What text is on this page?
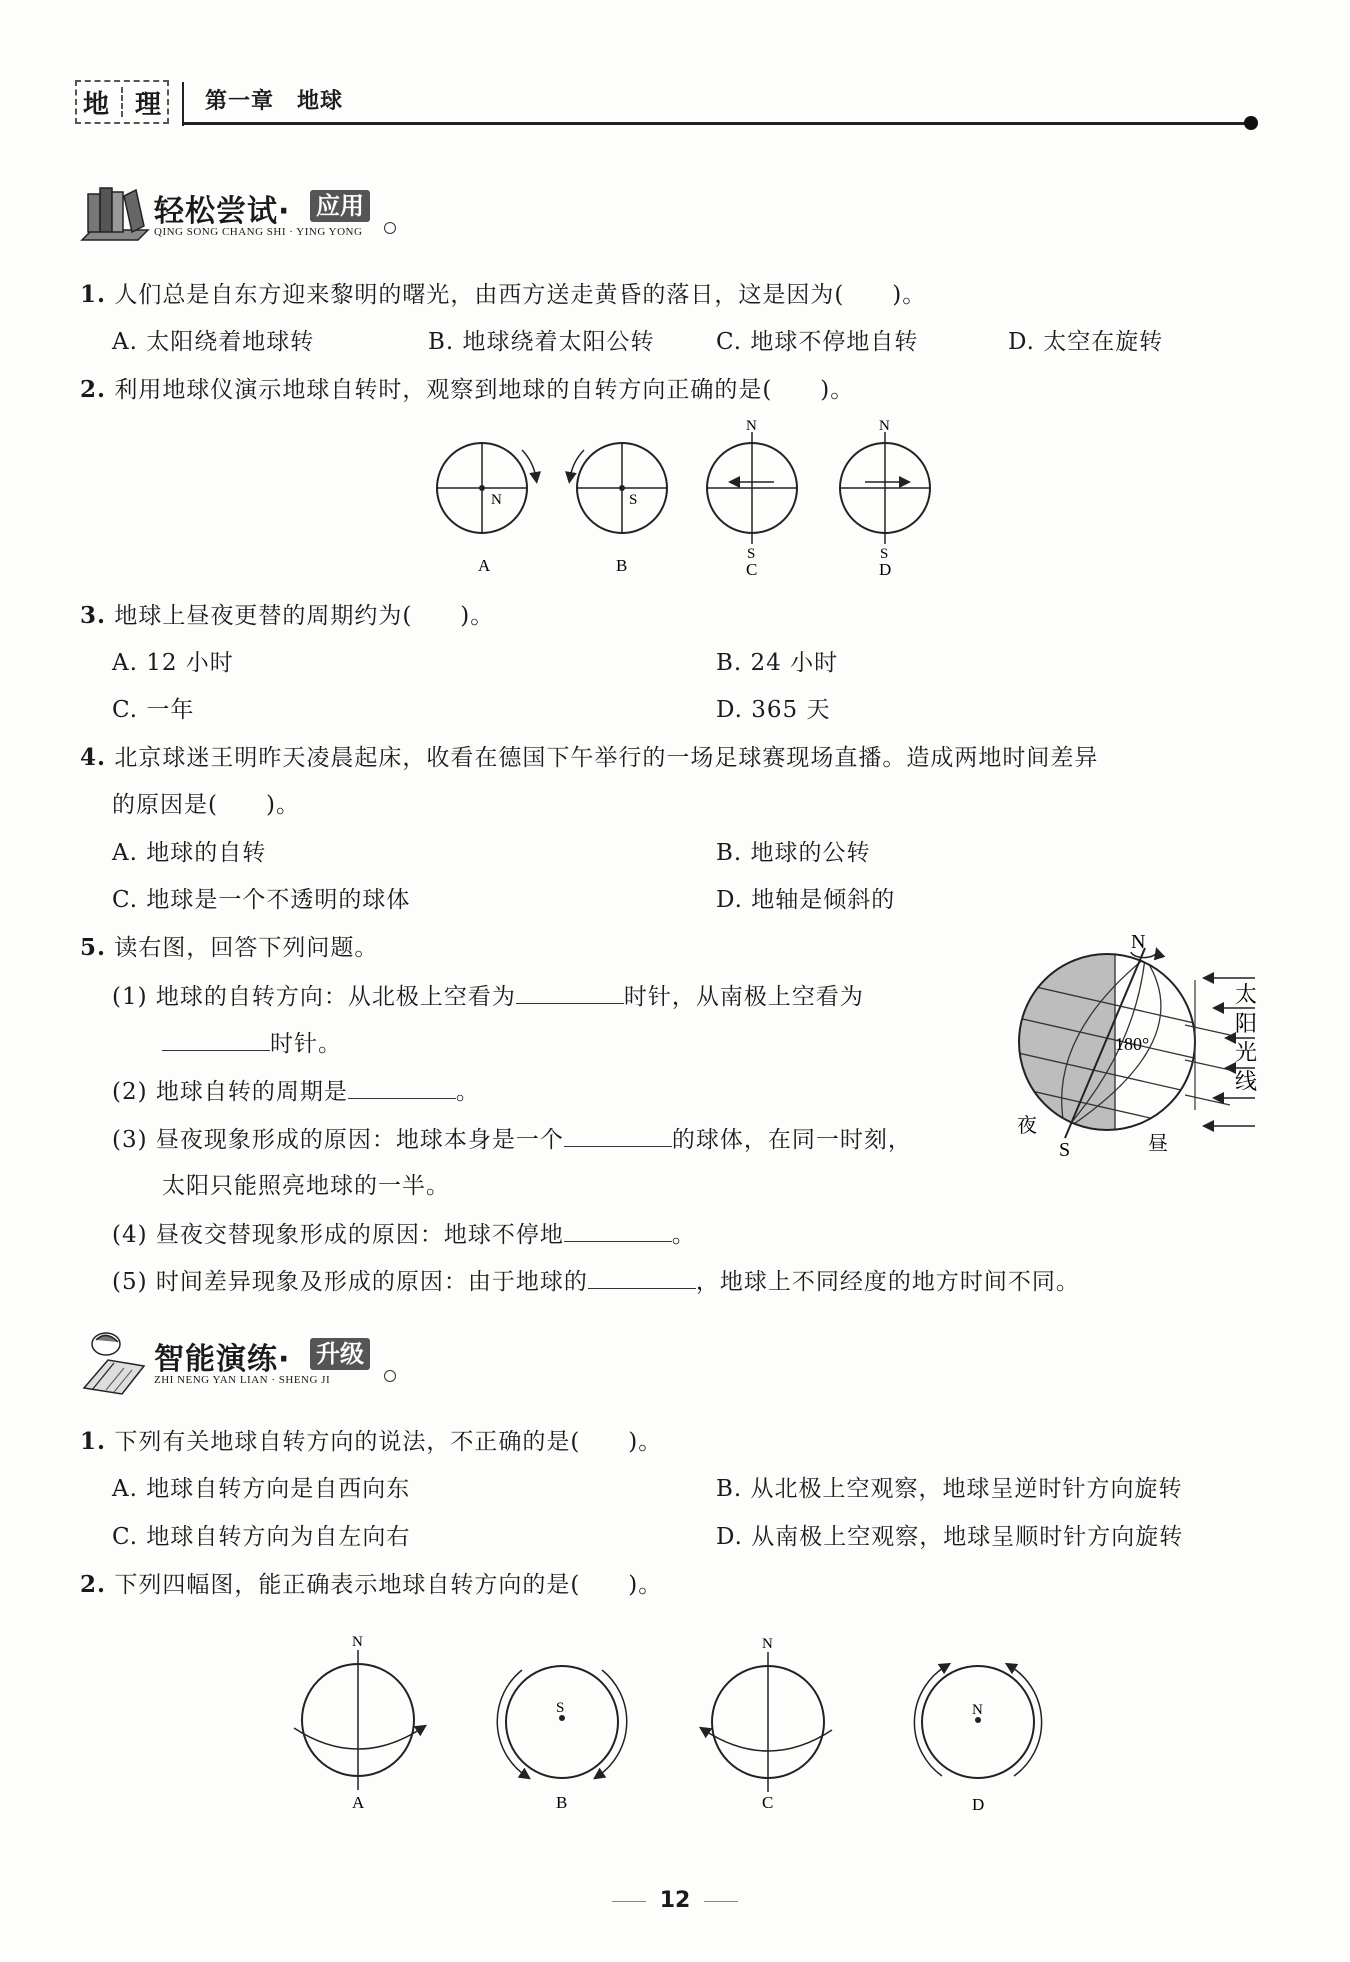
地 理 第一章　地球
轻松尝试· 应用
QING SONG CHANG SHI · YING YONG
1. 人们总是自东方迎来黎明的曙光，由西方送走黄昏的落日，这是因为(　　)。
A. 太阳绕着地球转	B. 地球绕着太阳公转	C. 地球不停地自转	D. 太空在旋转
2. 利用地球仪演示地球自转时，观察到地球的自转方向正确的是(　　)。
N
A
S
B
N
S
C
N
S
D
3. 地球上昼夜更替的周期约为(　　)。
A. 12 小时	B. 24 小时
C. 一年	D. 365 天
4. 北京球迷王明昨天凌晨起床，收看在德国下午举行的一场足球赛现场直播。造成两地时间差异
的原因是(　　)。
A. 地球的自转	B. 地球的公转
C. 地球是一个不透明的球体	D. 地轴是倾斜的
5. 读右图，回答下列问题。
(1) 地球的自转方向：从北极上空看为	时针，从南极上空看为
时针。
(2) 地球自转的周期是	。
(3) 昼夜现象形成的原因：地球本身是一个	的球体，在同一时刻，
太阳只能照亮地球的一半。
(4) 昼夜交替现象形成的原因：地球不停地	。
(5) 时间差异现象及形成的原因：由于地球的	，地球上不同经度的地方时间不同。
N
S
180°
夜
昼
太
阳
光
线
智能演练· 升级
ZHI NENG YAN LIAN · SHENG JI
1. 下列有关地球自转方向的说法，不正确的是(　　)。
A. 地球自转方向是自西向东	B. 从北极上空观察，地球呈逆时针方向旋转
C. 地球自转方向为自左向右	D. 从南极上空观察，地球呈顺时针方向旋转
2. 下列四幅图，能正确表示地球自转方向的是(　　)。
N
A
S
B
N
C
N
D
12
